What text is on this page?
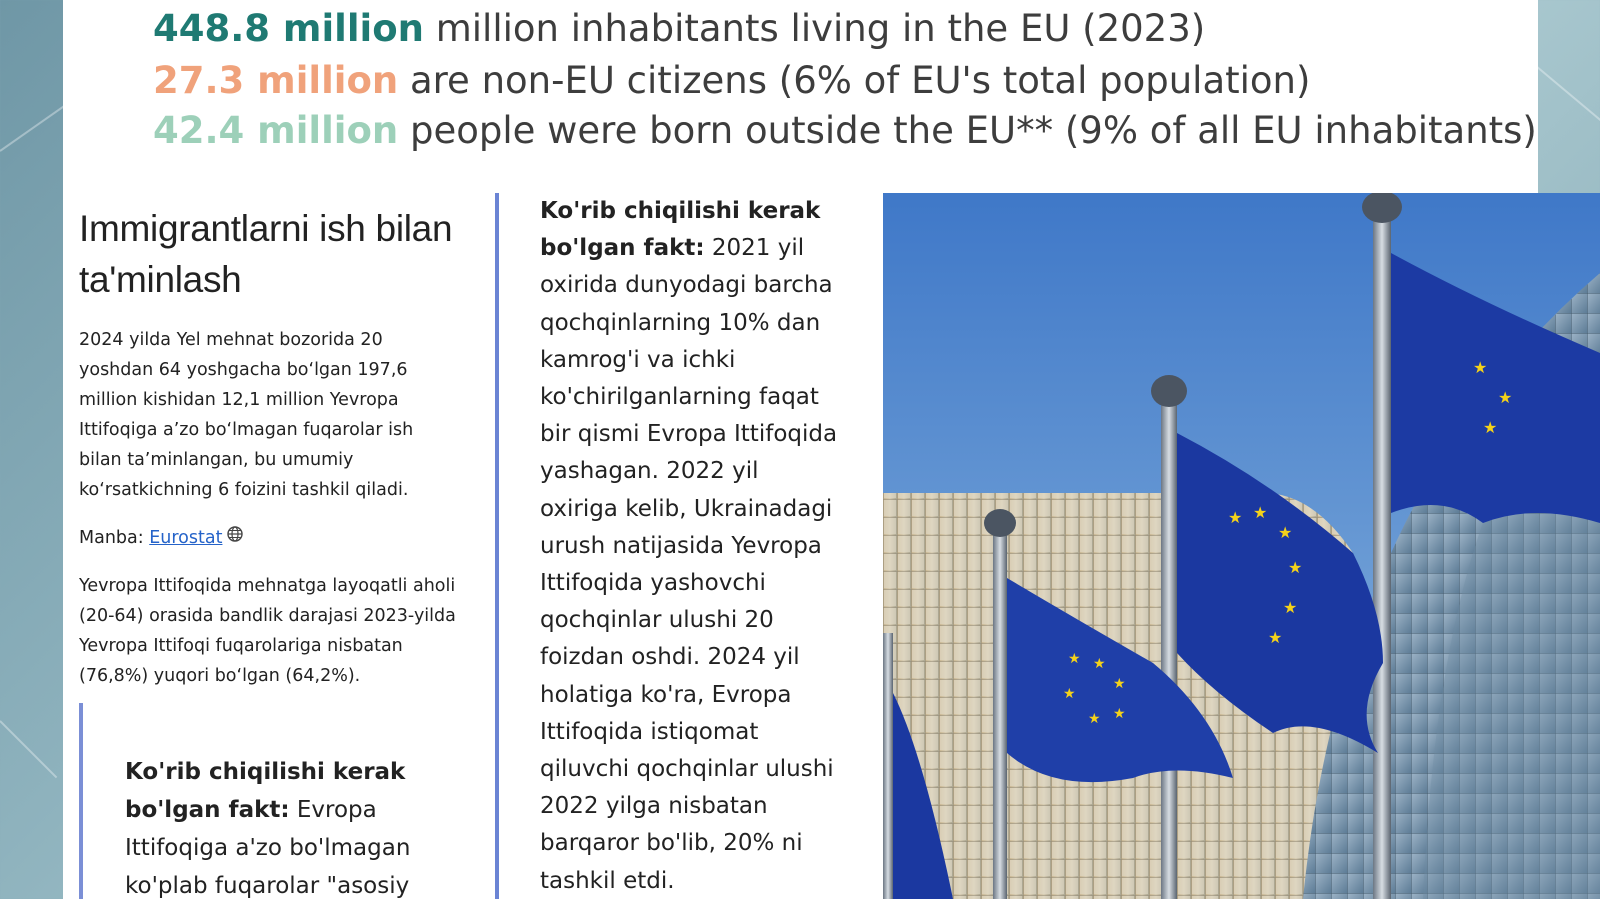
448.8 million million inhabitants living in the EU (2023)
27.3 million are non-EU citizens (6% of EU's total population)
42.4 million people were born outside the EU** (9% of all EU inhabitants)
Immigrantlarni ish bilan ta'minlash

2024 yilda Yel mehnat bozorida 20 yoshdan 64 yoshgacha bo‘lgan 197,6 million kishidan 12,1 million Yevropa Ittifoqiga a’zo bo‘lmagan fuqarolar ish bilan ta’minlangan, bu umumiy ko‘rsatkichning 6 foizini tashkil qiladi.

Manba: Eurostat

Yevropa Ittifoqida mehnatga layoqatli aholi (20-64) orasida bandlik darajasi 2023-yilda Yevropa Ittifoqi fuqarolariga nisbatan (76,8%) yuqori bo‘lgan (64,2%).

Ko'rib chiqilishi kerak bo'lgan fakt: Evropa Ittifoqiga a'zo bo'lmagan ko'plab fuqarolar "asosiy
Ko'rib chiqilishi kerak bo'lgan fakt: 2021 yil oxirida dunyodagi barcha qochqinlarning 10% dan kamrog'i va ichki ko'chirilganlarning faqat bir qismi Evropa Ittifoqida yashagan. 2022 yil oxiriga kelib, Ukrainadagi urush natijasida Yevropa Ittifoqida yashovchi qochqinlar ulushi 20 foizdan oshdi. 2024 yil holatiga ko'ra, Evropa Ittifoqida istiqomat qiluvchi qochqinlar ulushi 2022 yilga nisbatan barqaror bo'lib, 20% ni tashkil etdi.
★ ★
★
★
★ ★
★ ★
★
★
★
★
★
★
★
